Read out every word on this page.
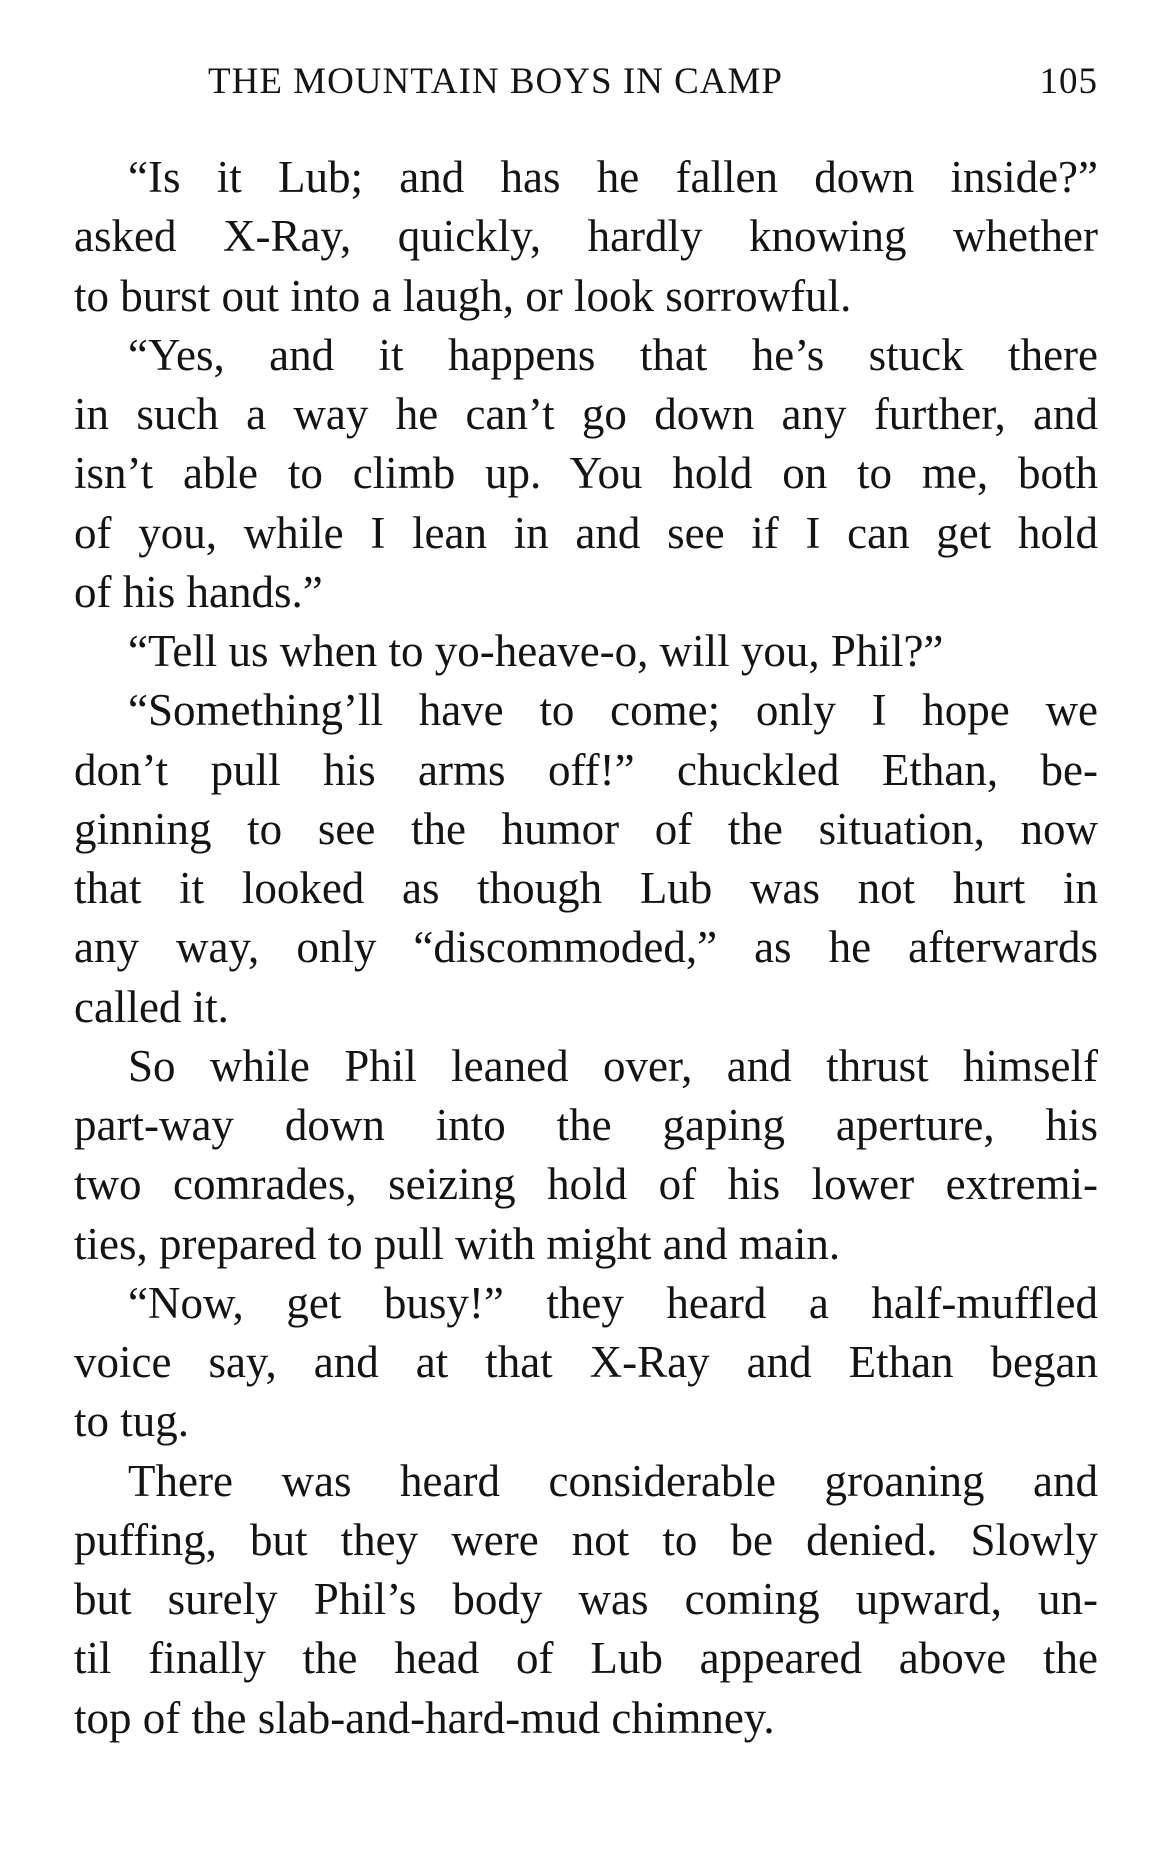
THE MOUNTAIN BOYS IN CAMP	105
“Is it Lub; and has he fallen down inside?”
asked X-Ray, quickly, hardly knowing whether
to burst out into a laugh, or look sorrowful.
“Yes, and it happens that he’s stuck there
in such a way he can’t go down any further, and
isn’t able to climb up. You hold on to me, both
of you, while I lean in and see if I can get hold
of his hands.”
“Tell us when to yo-heave-o, will you, Phil?”
“Something’ll have to come; only I hope we
don’t pull his arms off!” chuckled Ethan, be-
ginning to see the humor of the situation, now
that it looked as though Lub was not hurt in
any way, only “discommoded,” as he afterwards
called it.
So while Phil leaned over, and thrust himself
part-way down into the gaping aperture, his
two comrades, seizing hold of his lower extremi-
ties, prepared to pull with might and main.
“Now, get busy!” they heard a half-muffled
voice say, and at that X-Ray and Ethan began
to tug.
There was heard considerable groaning and
puffing, but they were not to be denied. Slowly
but surely Phil’s body was coming upward, un-
til finally the head of Lub appeared above the
top of the slab-and-hard-mud chimney.
